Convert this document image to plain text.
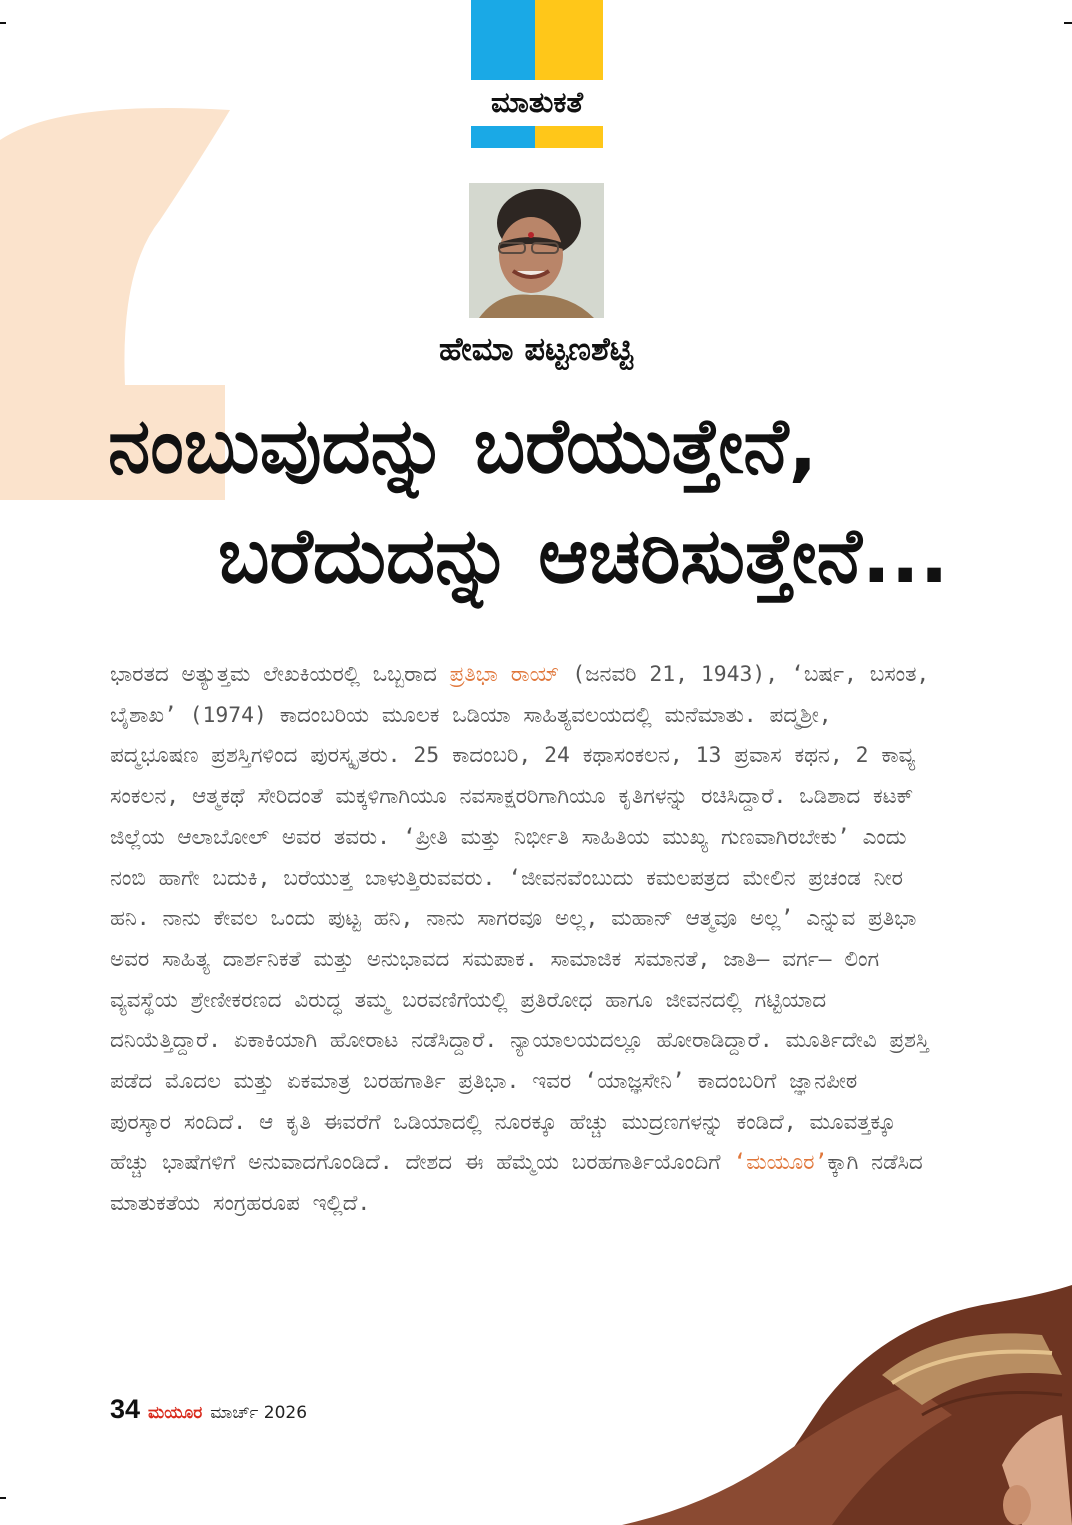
ಮಾತುಕತೆ
ಹೇಮಾ ಪಟ್ಟಣಶೆಟ್ಟಿ
ನಂಬುವುದನ್ನು ಬರೆಯುತ್ತೇನೆ,
ಬರೆದುದನ್ನು ಆಚರಿಸುತ್ತೇನೆ...
ಭಾರತದ ಅತ್ಯುತ್ತಮ ಲೇಖಕಿಯರಲ್ಲಿ ಒಬ್ಬರಾದ ಪ್ರತಿಭಾ ರಾಯ್ (ಜನವರಿ 21, 1943), ‘ಬರ್ಷ, ಬಸಂತ, ಬೈಶಾಖ’ (1974) ಕಾದಂಬರಿಯ ಮೂಲಕ ಒಡಿಯಾ ಸಾಹಿತ್ಯವಲಯದಲ್ಲಿ ಮನೆಮಾತು. ಪದ್ಮಶ್ರೀ, ಪದ್ಮಭೂಷಣ ಪ್ರಶಸ್ತಿಗಳಿಂದ ಪುರಸ್ಕೃತರು. 25 ಕಾದಂಬರಿ, 24 ಕಥಾಸಂಕಲನ, 13 ಪ್ರವಾಸ ಕಥನ, 2 ಕಾವ್ಯ ಸಂಕಲನ, ಆತ್ಮಕಥೆ ಸೇರಿದಂತೆ ಮಕ್ಕಳಿಗಾಗಿಯೂ ನವಸಾಕ್ಷರರಿಗಾಗಿಯೂ ಕೃತಿಗಳನ್ನು ರಚಿಸಿದ್ದಾರೆ. ಒಡಿಶಾದ ಕಟಕ್ ಜಿಲ್ಲೆಯ ಆಲಾಬೋಲ್ ಅವರ ತವರು. ‘ಪ್ರೀತಿ ಮತ್ತು ನಿರ್ಭೀತಿ ಸಾಹಿತಿಯ ಮುಖ್ಯ ಗುಣವಾಗಿರಬೇಕು’ ಎಂದು ನಂಬಿ ಹಾಗೇ ಬದುಕಿ, ಬರೆಯುತ್ತ ಬಾಳುತ್ತಿರುವವರು. ‘ಜೀವನವೆಂಬುದು ಕಮಲಪತ್ರದ ಮೇಲಿನ ಪ್ರಚಂಡ ನೀರ ಹನಿ. ನಾನು ಕೇವಲ ಒಂದು ಪುಟ್ಟ ಹನಿ, ನಾನು ಸಾಗರವೂ ಅಲ್ಲ, ಮಹಾನ್ ಆತ್ಮವೂ ಅಲ್ಲ’ ಎನ್ನುವ ಪ್ರತಿಭಾ ಅವರ ಸಾಹಿತ್ಯ ದಾರ್ಶನಿಕತೆ ಮತ್ತು ಅನುಭಾವದ ಸಮಪಾಕ. ಸಾಮಾಜಿಕ ಸಮಾನತೆ, ಜಾತಿ– ವರ್ಗ– ಲಿಂಗ ವ್ಯವಸ್ಥೆಯ ಶ್ರೇಣೀಕರಣದ ವಿರುದ್ಧ ತಮ್ಮ ಬರವಣಿಗೆಯಲ್ಲಿ ಪ್ರತಿರೋಧ ಹಾಗೂ ಜೀವನದಲ್ಲಿ ಗಟ್ಟಿಯಾದ ದನಿಯೆತ್ತಿದ್ದಾರೆ. ಏಕಾಕಿಯಾಗಿ ಹೋರಾಟ ನಡೆಸಿದ್ದಾರೆ. ನ್ಯಾಯಾಲಯದಲ್ಲೂ ಹೋರಾಡಿದ್ದಾರೆ. ಮೂರ್ತಿದೇವಿ ಪ್ರಶಸ್ತಿ ಪಡೆದ ಮೊದಲ ಮತ್ತು ಏಕಮಾತ್ರ ಬರಹಗಾರ್ತಿ ಪ್ರತಿಭಾ. ಇವರ ‘ಯಾಜ್ಞಸೇನಿ’ ಕಾದಂಬರಿಗೆ ಜ್ಞಾನಪೀಠ ಪುರಸ್ಕಾರ ಸಂದಿದೆ. ಆ ಕೃತಿ ಈವರೆಗೆ ಒಡಿಯಾದಲ್ಲಿ ನೂರಕ್ಕೂ ಹೆಚ್ಚು ಮುದ್ರಣಗಳನ್ನು ಕಂಡಿದೆ, ಮೂವತ್ತಕ್ಕೂ ಹೆಚ್ಚು ಭಾಷೆಗಳಿಗೆ ಅನುವಾದಗೊಂಡಿದೆ. ದೇಶದ ಈ ಹೆಮ್ಮೆಯ ಬರಹಗಾರ್ತಿಯೊಂದಿಗೆ ‘ಮಯೂರ’ಕ್ಕಾಗಿ ನಡೆಸಿದ ಮಾತುಕತೆಯ ಸಂಗ್ರಹರೂಪ ಇಲ್ಲಿದೆ.
34 ಮಯೂರ ಮಾರ್ಚ್ 2026
